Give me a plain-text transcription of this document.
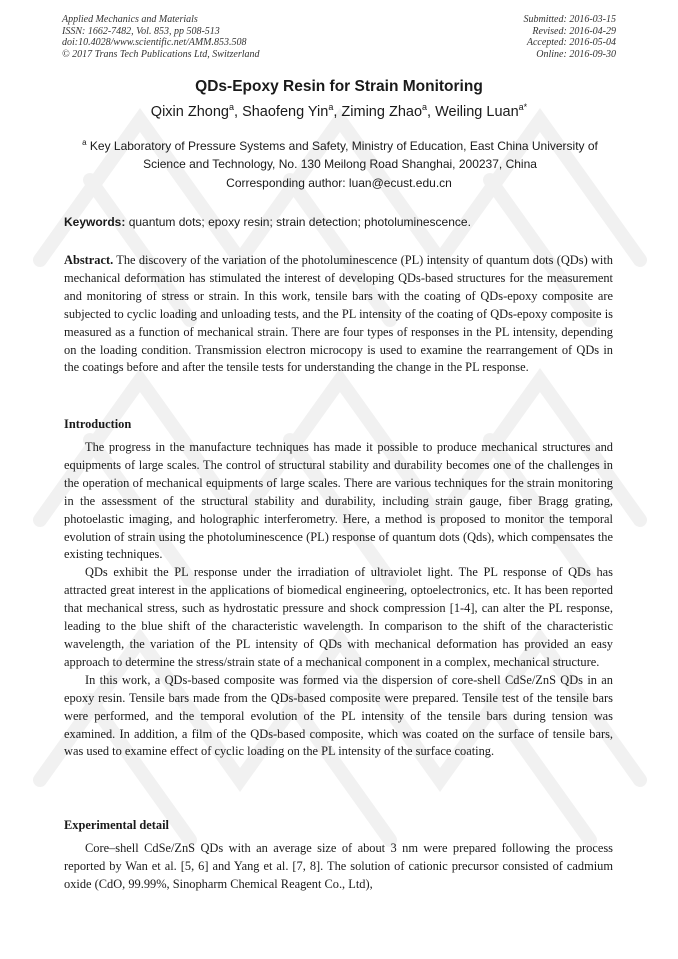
Applied Mechanics and Materials
ISSN: 1662-7482, Vol. 853, pp 508-513
doi:10.4028/www.scientific.net/AMM.853.508
© 2017 Trans Tech Publications Ltd, Switzerland
Submitted: 2016-03-15
Revised: 2016-04-29
Accepted: 2016-05-04
Online: 2016-09-30
QDs-Epoxy Resin for Strain Monitoring
Qixin Zhong$^a$, Shaofeng Yin$^a$, Ziming Zhao$^a$, Weiling Luan$^{a*}$
$^a$ Key Laboratory of Pressure Systems and Safety, Ministry of Education, East China University of Science and Technology, No. 130 Meilong Road Shanghai, 200237, China
Corresponding author: luan@ecust.edu.cn
Keywords: quantum dots; epoxy resin; strain detection; photoluminescence.

Abstract. The discovery of the variation of the photoluminescence (PL) intensity of quantum dots (QDs) with mechanical deformation has stimulated the interest of developing QDs-based structures for the measurement and monitoring of stress or strain. In this work, tensile bars with the coating of QDs-epoxy composite are subjected to cyclic loading and unloading tests, and the PL intensity of the coating of QDs-epoxy composite is measured as a function of mechanical strain. There are four types of responses in the PL intensity, depending on the loading condition. Transmission electron microcopy is used to examine the rearrangement of QDs in the coatings before and after the tensile tests for understanding the change in the PL response.

Introduction

The progress in the manufacture techniques has made it possible to produce mechanical structures and equipments of large scales. The control of structural stability and durability becomes one of the challenges in the operation of mechanical equipments of large scales. There are various techniques for the strain monitoring in the assessment of the structural stability and durability, including strain gauge, fiber Bragg grating, photoelastic imaging, and holographic interferometry. Here, a method is proposed to monitor the temporal evolution of strain using the photoluminescence (PL) response of quantum dots (Qds), which compensates the existing techniques.

QDs exhibit the PL response under the irradiation of ultraviolet light. The PL response of QDs has attracted great interest in the applications of biomedical engineering, optoelectronics, etc. It has been reported that mechanical stress, such as hydrostatic pressure and shock compression [1-4], can alter the PL response, leading to the blue shift of the characteristic wavelength. In comparison to the shift of the characteristic wavelength, the variation of the PL intensity of QDs with mechanical deformation has provided an easy approach to determine the stress/strain state of a mechanical component in a complex, mechanical structure.

In this work, a QDs-based composite was formed via the dispersion of core-shell CdSe/ZnS QDs in an epoxy resin. Tensile bars made from the QDs-based composite were prepared. Tensile test of the tensile bars were performed, and the temporal evolution of the PL intensity of the tensile bars during tension was examined. In addition, a film of the QDs-based composite, which was coated on the surface of tensile bars, was used to examine effect of cyclic loading on the PL intensity of the surface coating.

Experimental detail

Core–shell CdSe/ZnS QDs with an average size of about 3 nm were prepared following the process reported by Wan et al. [5, 6] and Yang et al. [7, 8]. The solution of cationic precursor consisted of cadmium oxide (CdO, 99.99%, Sinopharm Chemical Reagent Co., Ltd),
